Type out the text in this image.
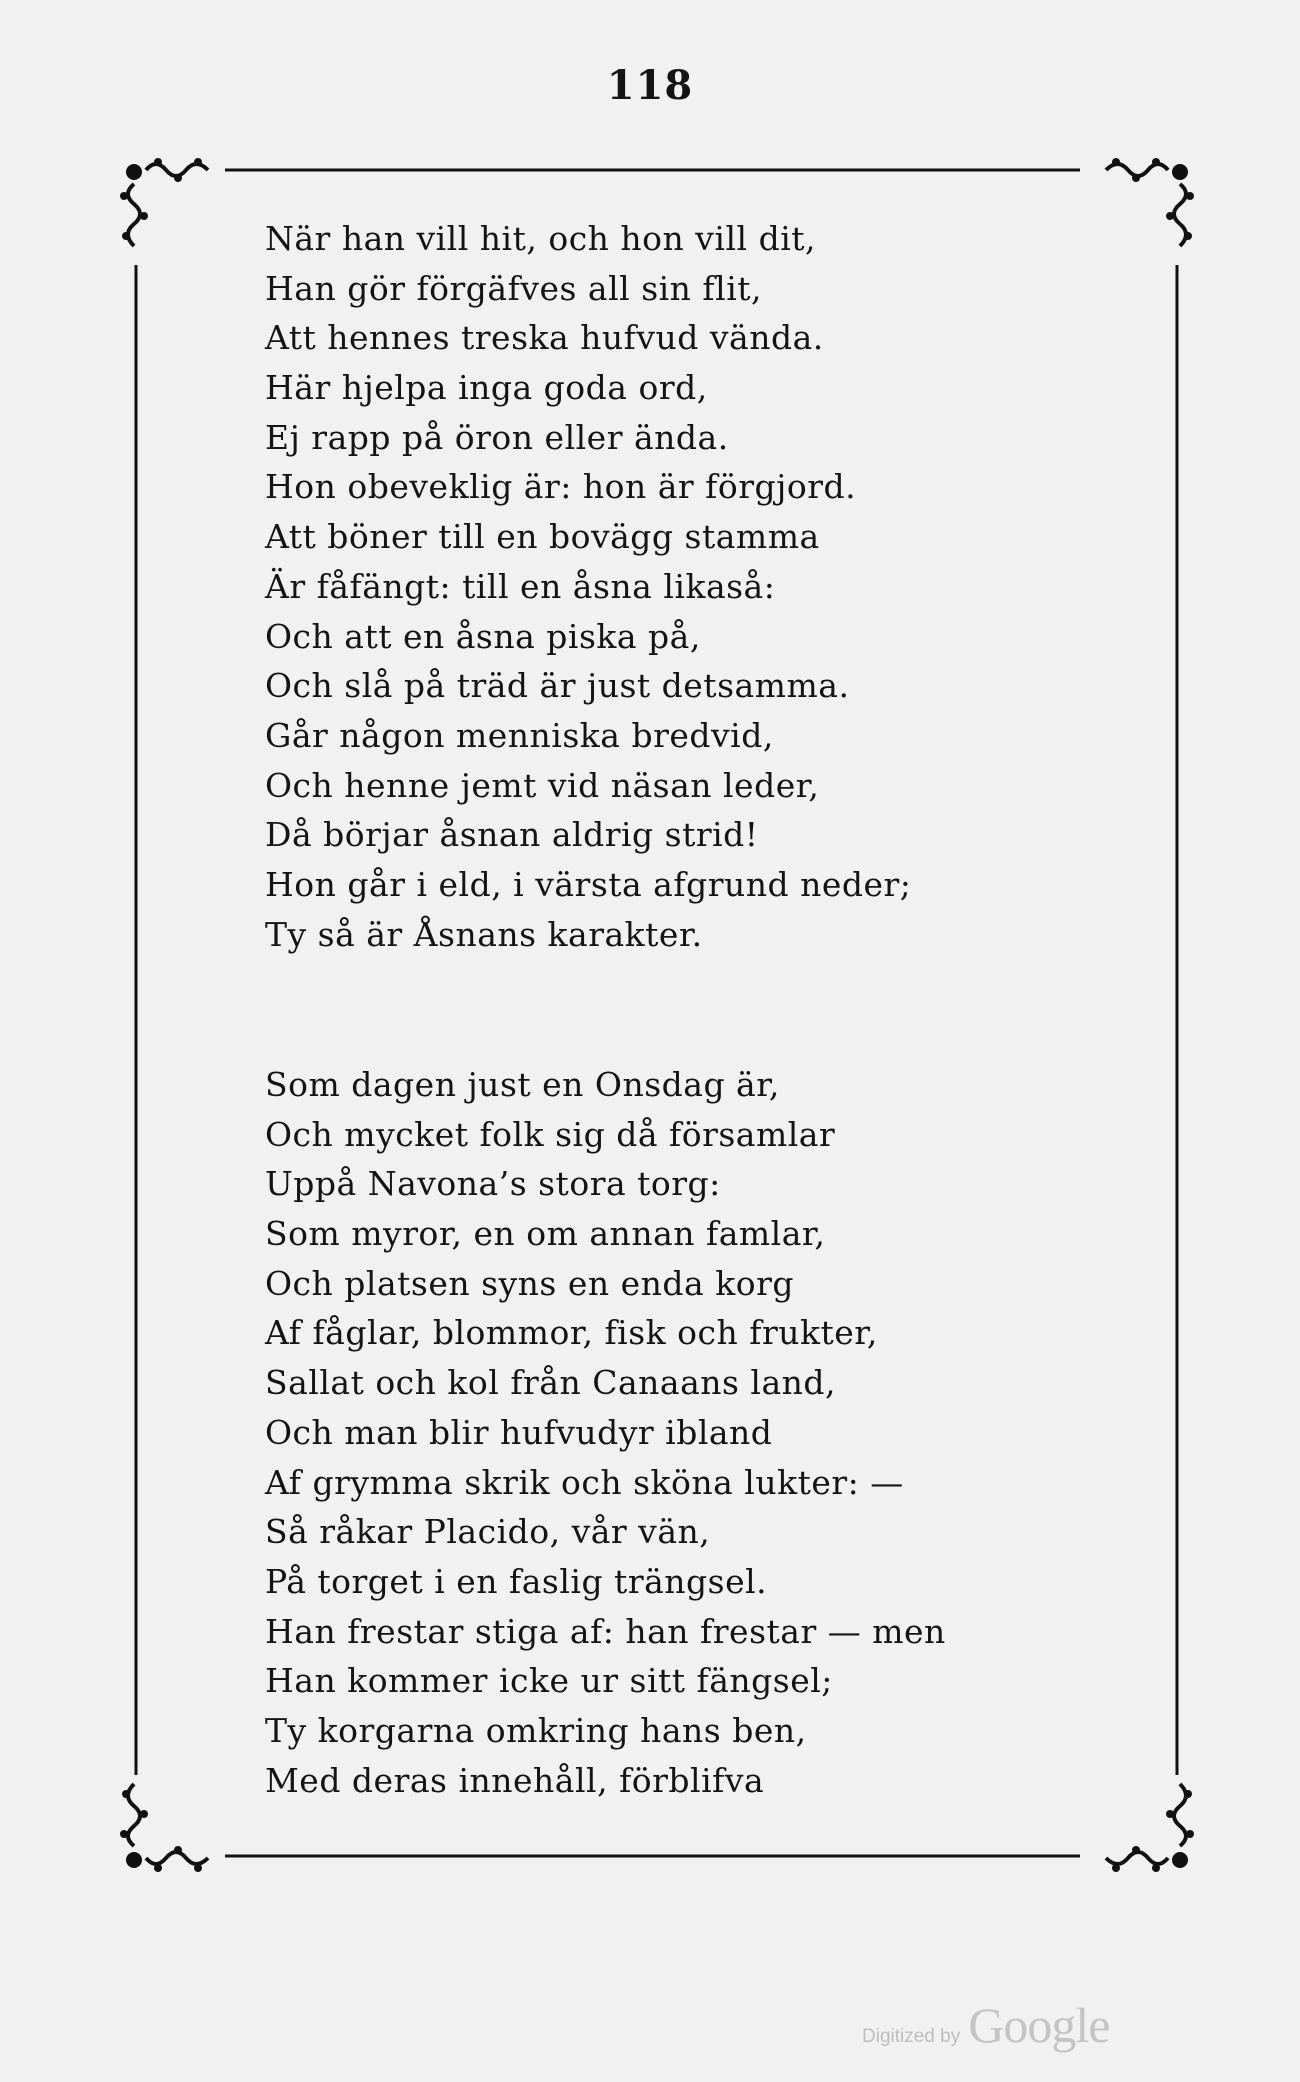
118
När han vill hit, och hon vill dit,
Han gör förgäfves all sin flit,
Att hennes treska hufvud vända.
Här hjelpa inga goda ord,
Ej rapp på öron eller ända.
Hon obeveklig är: hon är förgjord.
Att böner till en bovägg stamma
Är fåfängt: till en åsna likaså:
Och att en åsna piska på,
Och slå på träd är just detsamma.
Går någon menniska bredvid,
Och henne jemt vid näsan leder,
Då börjar åsnan aldrig strid!
Hon går i eld, i värsta afgrund neder;
Ty så är Åsnans karakter.
Som dagen just en Onsdag är,
Och mycket folk sig då församlar
Uppå Navona’s stora torg:
Som myror, en om annan famlar,
Och platsen syns en enda korg
Af fåglar, blommor, fisk och frukter,
Sallat och kol från Canaans land,
Och man blir hufvudyr ibland
Af grymma skrik och sköna lukter: —
Så råkar Placido, vår vän,
På torget i en faslig trängsel.
Han frestar stiga af: han frestar — men
Han kommer icke ur sitt fängsel;
Ty korgarna omkring hans ben,
Med deras innehåll, förblifva
Digitized by Google
